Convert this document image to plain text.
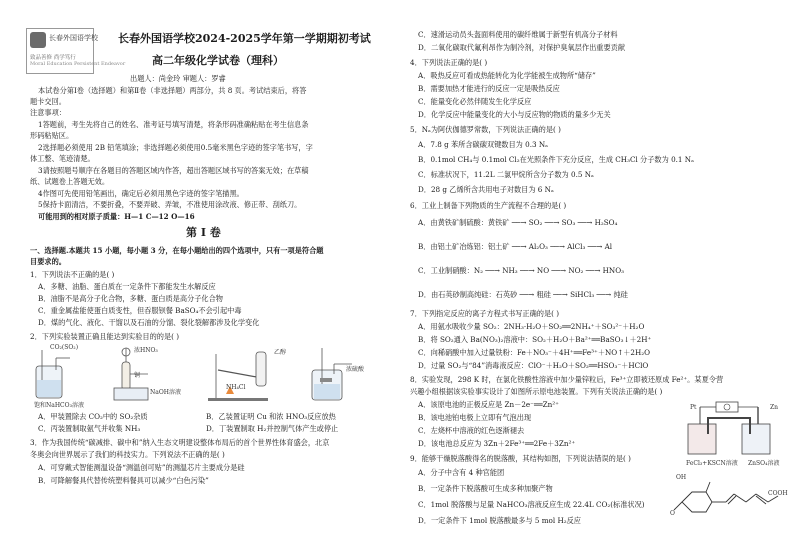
长春外国语学校
致品善修 尚学笃行
Moral Education Persistent Endeavor
长春外国语学校2024-2025学年第一学期期初考试
高二年级化学试卷（理科）
出题人：尚金玲 审题人：罗睿
本试卷分第Ⅰ卷（选择题）和第Ⅱ卷（非选择题）两部分，共 8 页。考试结束后，将答
题卡交回。
注意事项：
1答题前，考生先将自己的姓名、准考证号填写清楚，将条形码准确粘贴在考生信息条
形码粘贴区。
2选择题必须使用 2B 铅笔填涂；非选择题必须使用0.5毫米黑色字迹的签字笔书写，字
体工整、笔迹清楚。
3请按照题号顺序在各题目的答题区域内作答，超出答题区域书写的答案无效；在草稿
纸、试题卷上答题无效。
4作图可先使用铅笔画出，确定后必须用黑色字迹的签字笔描黑。
5保持卡面清洁，不要折叠，不要弄破、弄皱，不准使用涂改液、修正带、刮纸刀。
可能用到的相对原子质量：H—1 C—12 O—16
第 Ⅰ 卷
一、选择题.本题共 15 小题，每小题 3 分，在每小题给出的四个选项中，只有一项是符合题
目要求的。
1．下列说法不正确的是( )
A．多糖、油脂、蛋白质在一定条件下都能发生水解反应
B．油脂不是高分子化合物，多糖、蛋白质是高分子化合物
C．重金属盐能使蛋白质变性，但吞服钡餐 BaSO₄不会引起中毒
D．煤的气化、液化、干馏以及石油的分馏、裂化裂解都涉及化学变化
2．下列实验装置正确且能达到实验目的的是( )
CO₂(SO₂)
饱和NaHCO₃溶液
浓HNO₃
铜
NaOH溶液
NH₄Cl
乙醇
浓硫酸
A．甲装置除去 CO₂中的 SO₂杂质	B．乙装置证明 Cu 和浓 HNO₃反应放热
C．丙装置制取氨气并收集 NH₃	D．丁装置制取 H₂并控制气体产生或停止
3．作为我国传统“碳减排、碳中和”纳入生态文明建设整体布局后的首个世界性体育盛会，北京
冬奥会向世界展示了我们的科技实力。下列说法不正确的是( )
A．可穿戴式智能测温设备“测温创可贴”的测温芯片主要成分是硅
B．可降解餐具代替传统塑料餐具可以减少“白色污染”
C．速滑运动员头盔面料使用的碳纤维属于新型有机高分子材料
D．二氧化碳取代氟利昂作为制冷剂，对保护臭氧层作出重要贡献
4．下列说法正确的是( )
A．吸热反应可看成热能转化为化学能被生成物所“储存”
B．需要加热才能进行的反应一定是吸热反应
C．能量变化必然伴随发生化学反应
D．化学反应中能量变化的大小与反应物的物质的量多少无关
5．Nₐ为阿伏伽德罗常数，下列说法正确的是( )
A．7.8 g 苯所含碳碳双键数目为 0.3 Nₐ
B．0.1mol CH₄与 0.1mol Cl₂在光照条件下充分反应，生成 CH₃Cl 分子数为 0.1 Nₐ
C．标准状况下，11.2L 二氯甲烷所含分子数为 0.5 Nₐ
D．28 g 乙烯所含共用电子对数目为 6 Nₐ
6．工业上制备下列物质的生产流程不合理的是( )
A．由黄铁矿制硫酸：黄铁矿 ──→ SO₂ ──→ SO₃ ──→ H₂SO₄
B．由铝土矿冶炼铝：铝土矿 ──→ Al₂O₃ ──→ AlCl₃ ──→ Al
C．工业制硝酸：N₂ ──→ NH₃ ──→ NO ──→ NO₂ ──→ HNO₃
D．由石英砂制高纯硅：石英砂 ──→ 粗硅 ──→ SiHCl₃ ──→ 纯硅
7．下列指定反应的离子方程式书写正确的是( )
A．用氨水吸收少量 SO₂：2NH₃·H₂O＋SO₂══2NH₄⁺＋SO₃²⁻＋H₂O
B．将 SO₂通入 Ba(NO₃)₂溶液中：SO₂＋H₂O＋Ba²⁺══BaSO₃↓＋2H⁺
C．向稀硝酸中加入过量铁粉：Fe＋NO₃⁻＋4H⁺══Fe³⁺＋NO↑＋2H₂O
D．过量 SO₂与“84”消毒液反应：ClO⁻＋H₂O＋SO₂══HSO₃⁻＋HClO
8．实验发现，298 K 时，在氯化铁酸性溶液中加少量锌粒后，Fe³⁺立即被还原成 Fe²⁺。某夏令营
兴趣小组根据该实验事实设计了如图所示原电池装置。下列有关说法正确的是( )
A．该原电池的正极反应是 Zn－2e⁻══Zn²⁺
B．该电池铂电极上立即有气泡出现
C．左烧杯中溶液的红色逐渐褪去
D．该电池总反应为 3Zn＋2Fe³⁺══2Fe＋3Zn²⁺
Pt	Zn
FeCl₃+KSCN溶液 ZnSO₄溶液
9．能够干燥脱落酸得名的脱落酸，其结构如图，下列说法错误的是( )
A．分子中含有 4 种官能团
B．一定条件下脱落酸可生成多种加聚产物
C．1mol 脱落酸与足量 NaHCO₃溶液反应生成 22.4L CO₂(标准状况)
D．一定条件下 1mol 脱落酸最多与 5 mol H₂反应
OH
O
COOH
